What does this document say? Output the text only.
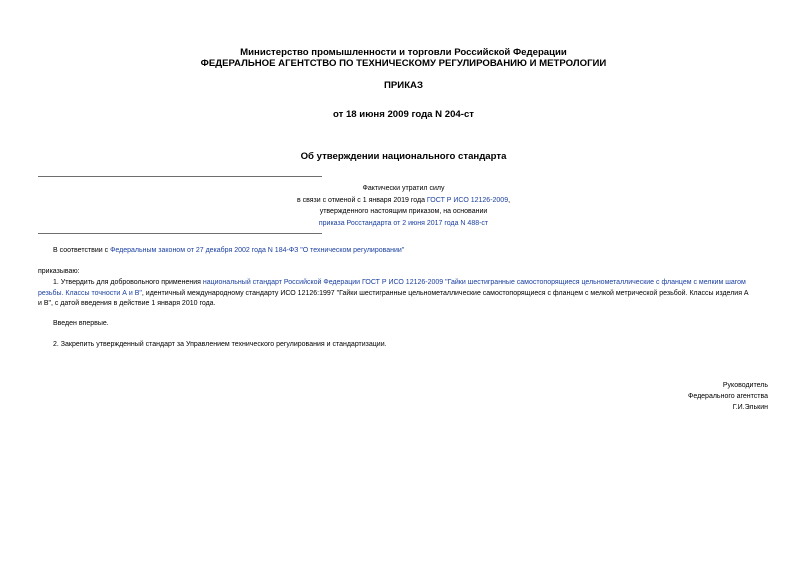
Министерство промышленности и торговли Российской Федерации
ФЕДЕРАЛЬНОЕ АГЕНТСТВО ПО ТЕХНИЧЕСКОМУ РЕГУЛИРОВАНИЮ И МЕТРОЛОГИИ
ПРИКАЗ
от 18 июня 2009 года N 204-ст
Об утверждении национального стандарта
Фактически утратил силу
в связи с отменой с 1 января 2019 года ГОСТ Р ИСО 12126-2009,
утвержденного настоящим приказом, на основании
приказа Росстандарта от 2 июня 2017 года N 488-ст
В соответствии с Федеральным законом от 27 декабря 2002 года N 184-ФЗ "О техническом регулировании"
приказываю:
1. Утвердить для добровольного применения национальный стандарт Российской Федерации ГОСТ Р ИСО 12126-2009 "Гайки шестигранные самостопорящиеся цельнометаллические с фланцем с мелким шагом
резьбы. Классы точности А и В", идентичный международному стандарту ИСО 12126:1997 "Гайки шестигранные цельнометаллические самостопорящиеся с фланцем с мелкой метрической резьбой. Классы изделия А
и В", с датой введения в действие 1 января 2010 года.
Введен впервые.
2. Закрепить утвержденный стандарт за Управлением технического регулирования и стандартизации.
Руководитель
Федерального агентства
Г.И.Элькин
